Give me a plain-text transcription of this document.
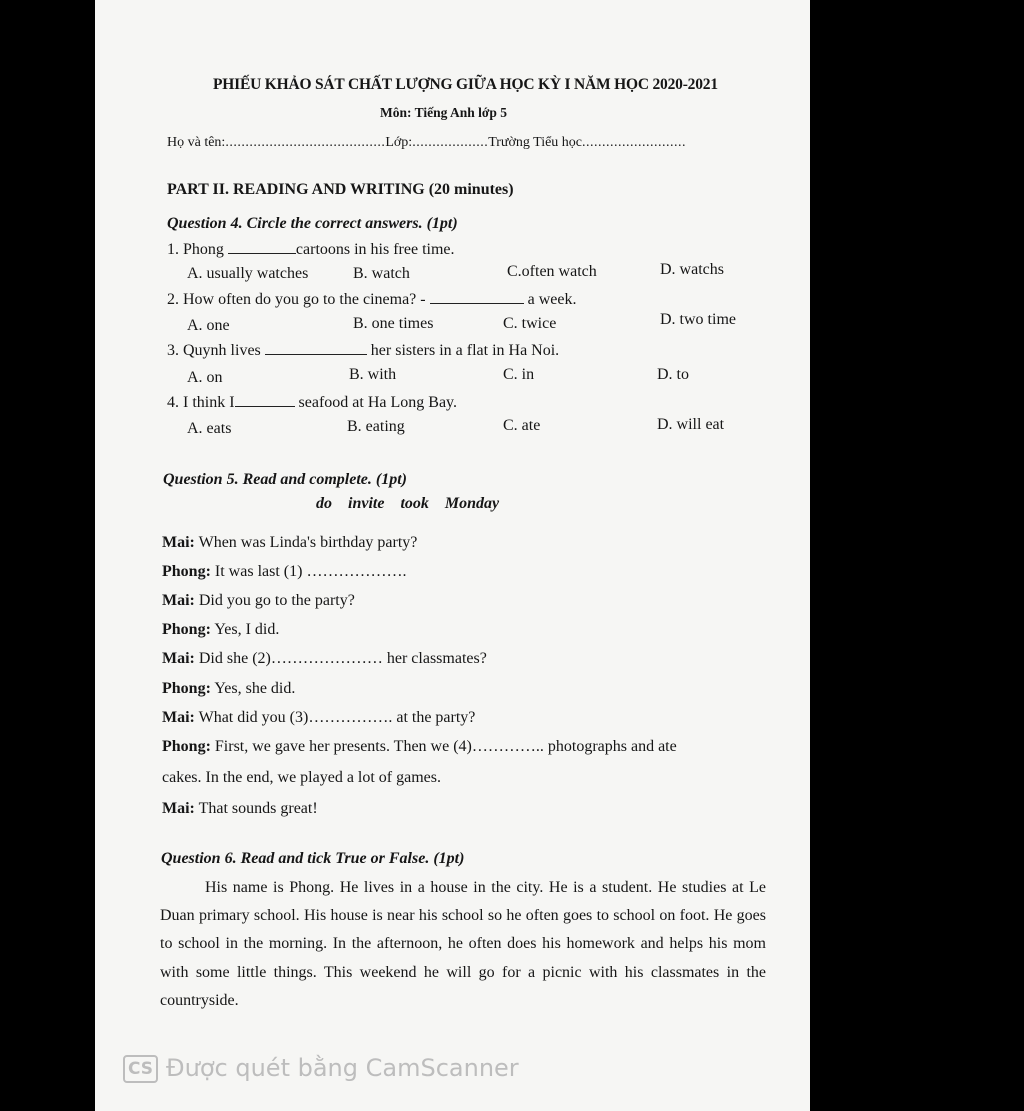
PHIẾU KHẢO SÁT CHẤT LƯỢNG GIỮA HỌC KỲ I NĂM HỌC 2020-2021
Môn: Tiếng Anh lớp 5
Họ và tên:........................................Lớp:...................Trường Tiểu học..........................
PART II. READING AND WRITING (20 minutes)
Question 4. Circle the correct answers. (1pt)
1. Phong	cartoons in his free time.
A. usually watches	B. watch	C.often watch	D. watchs
2. How often do you go to the cinema? -	a week.
A. one	B. one times	C. twice	D. two time
3. Quynh lives	her sisters in a flat in Ha Noi.
A. on	B. with	C. in	D. to
4. I think I	seafood at Ha Long Bay.
A. eats	B. eating	C. ate	D. will eat
Question 5. Read and complete. (1pt)
do invite took Monday
Mai: When was Linda's birthday party?
Phong: It was last (1) ……………….
Mai: Did you go to the party?
Phong: Yes, I did.
Mai: Did she (2)………………… her classmates?
Phong: Yes, she did.
Mai: What did you (3)……………. at the party?
Phong: First, we gave her presents. Then we (4)………….. photographs and ate
cakes. In the end, we played a lot of games.
Mai: That sounds great!
Question 6. Read and tick True or False. (1pt)
His name is Phong. He lives in a house in the city. He is a student. He studies at Le Duan primary school. His house is near his school so he often goes to school on foot. He goes to school in the morning. In the afternoon, he often does his homework and helps his mom with some little things. This weekend he will go for a picnic with his classmates in the countryside.
CS Được quét bằng CamScanner
